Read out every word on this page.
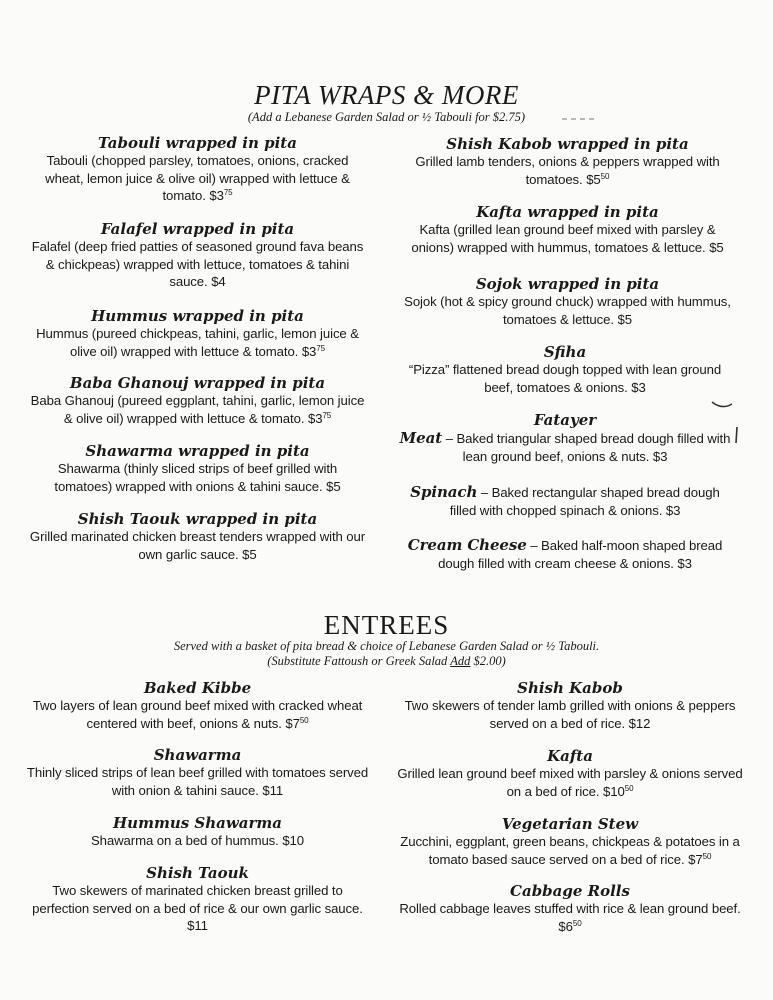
PITA WRAPS & MORE
(Add a Lebanese Garden Salad or ½ Tabouli for $2.75)
Tabouli wrapped in pita
Tabouli (chopped parsley, tomatoes, onions, cracked wheat, lemon juice & olive oil) wrapped with lettuce & tomato. $\$3^{75}$
Falafel wrapped in pita
Falafel (deep fried patties of seasoned ground fava beans & chickpeas) wrapped with lettuce, tomatoes & tahini sauce. $4
Hummus wrapped in pita
Hummus (pureed chickpeas, tahini, garlic, lemon juice & olive oil) wrapped with lettuce & tomato. $\$3^{75}$
Baba Ghanouj wrapped in pita
Baba Ghanouj (pureed eggplant, tahini, garlic, lemon juice & olive oil) wrapped with lettuce & tomato. $\$3^{75}$
Shawarma wrapped in pita
Shawarma (thinly sliced strips of beef grilled with tomatoes) wrapped with onions & tahini sauce. $5
Shish Taouk wrapped in pita
Grilled marinated chicken breast tenders wrapped with our own garlic sauce. $5
Shish Kabob wrapped in pita
Grilled lamb tenders, onions & peppers wrapped with tomatoes. $\$5^{50}$
Kafta wrapped in pita
Kafta (grilled lean ground beef mixed with parsley & onions) wrapped with hummus, tomatoes & lettuce. $5
Sojok wrapped in pita
Sojok (hot & spicy ground chuck) wrapped with hummus, tomatoes & lettuce. $5
Sfiha
“Pizza” flattened bread dough topped with lean ground beef, tomatoes & onions. $3
Fatayer
Meat – Baked triangular shaped bread dough filled with lean ground beef, onions & nuts. $3
Spinach – Baked rectangular shaped bread dough filled with chopped spinach & onions. $3
Cream Cheese – Baked half-moon shaped bread dough filled with cream cheese & onions. $3
ENTREES
Served with a basket of pita bread & choice of Lebanese Garden Salad or ½ Tabouli.
(Substitute Fattoush or Greek Salad Add $2.00)
Baked Kibbe
Two layers of lean ground beef mixed with cracked wheat centered with beef, onions & nuts. $\$7^{50}$
Shawarma
Thinly sliced strips of lean beef grilled with tomatoes served with onion & tahini sauce. $11
Hummus Shawarma
Shawarma on a bed of hummus. $10
Shish Taouk
Two skewers of marinated chicken breast grilled to perfection served on a bed of rice & our own garlic sauce. $11
Shish Kabob
Two skewers of tender lamb grilled with onions & peppers served on a bed of rice. $12
Kafta
Grilled lean ground beef mixed with parsley & onions served on a bed of rice. $\$10^{50}$
Vegetarian Stew
Zucchini, eggplant, green beans, chickpeas & potatoes in a tomato based sauce served on a bed of rice. $\$7^{50}$
Cabbage Rolls
Rolled cabbage leaves stuffed with rice & lean ground beef. $\$6^{50}$
